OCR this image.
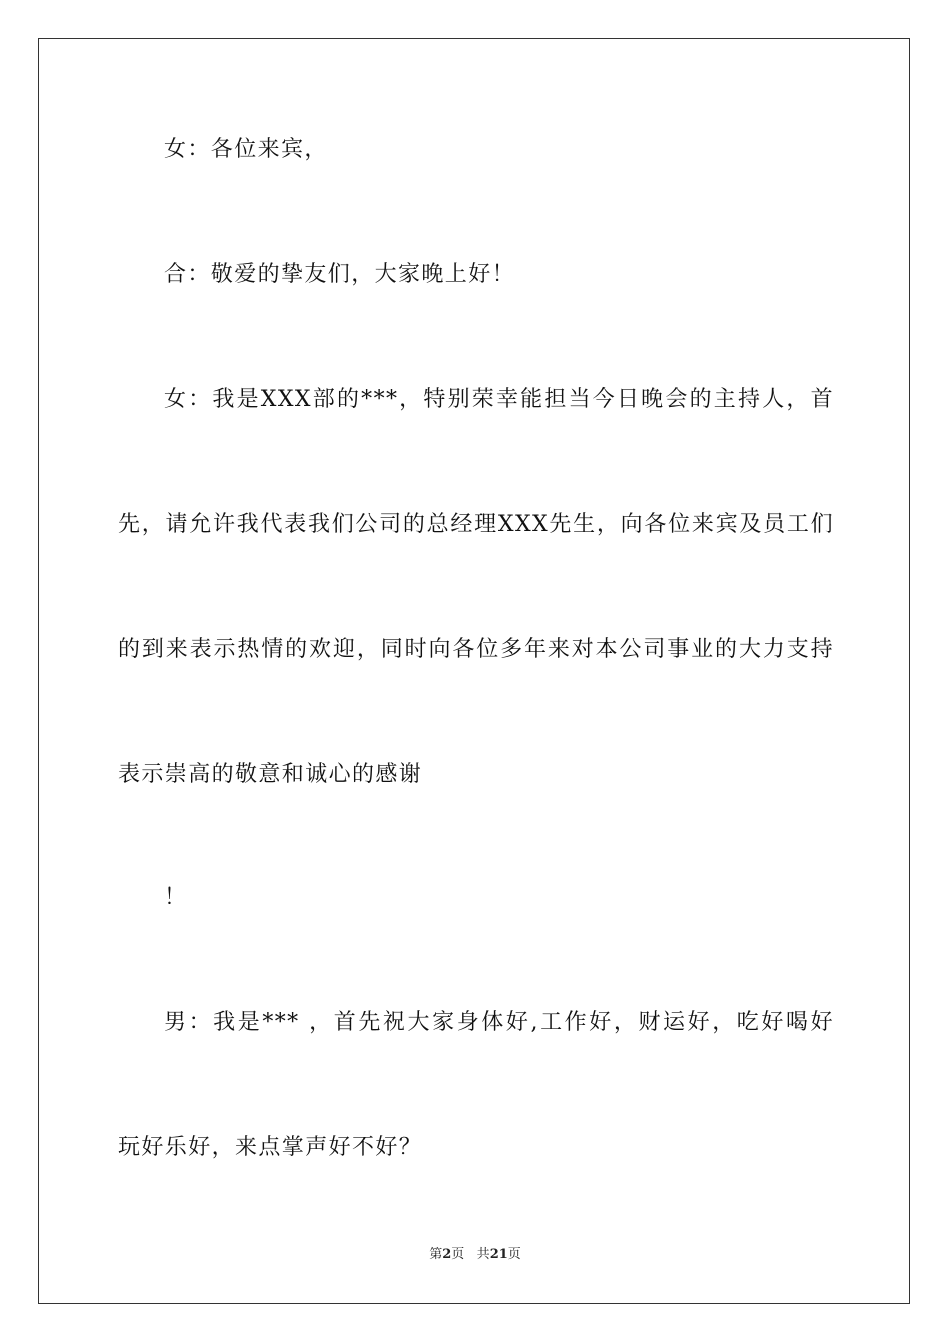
女：各位来宾，
合：敬爱的挚友们，大家晚上好！
女：我是XXX部的***，特别荣幸能担当今日晚会的主持人，首
先，请允许我代表我们公司的总经理XXX先生，向各位来宾及员工们
的到来表示热情的欢迎，同时向各位多年来对本公司事业的大力支持
表示崇高的敬意和诚心的感谢
！
男：我是*** ，首先祝大家身体好,工作好，财运好，吃好喝好
玩好乐好，来点掌声好不好？
第2页 共21页
